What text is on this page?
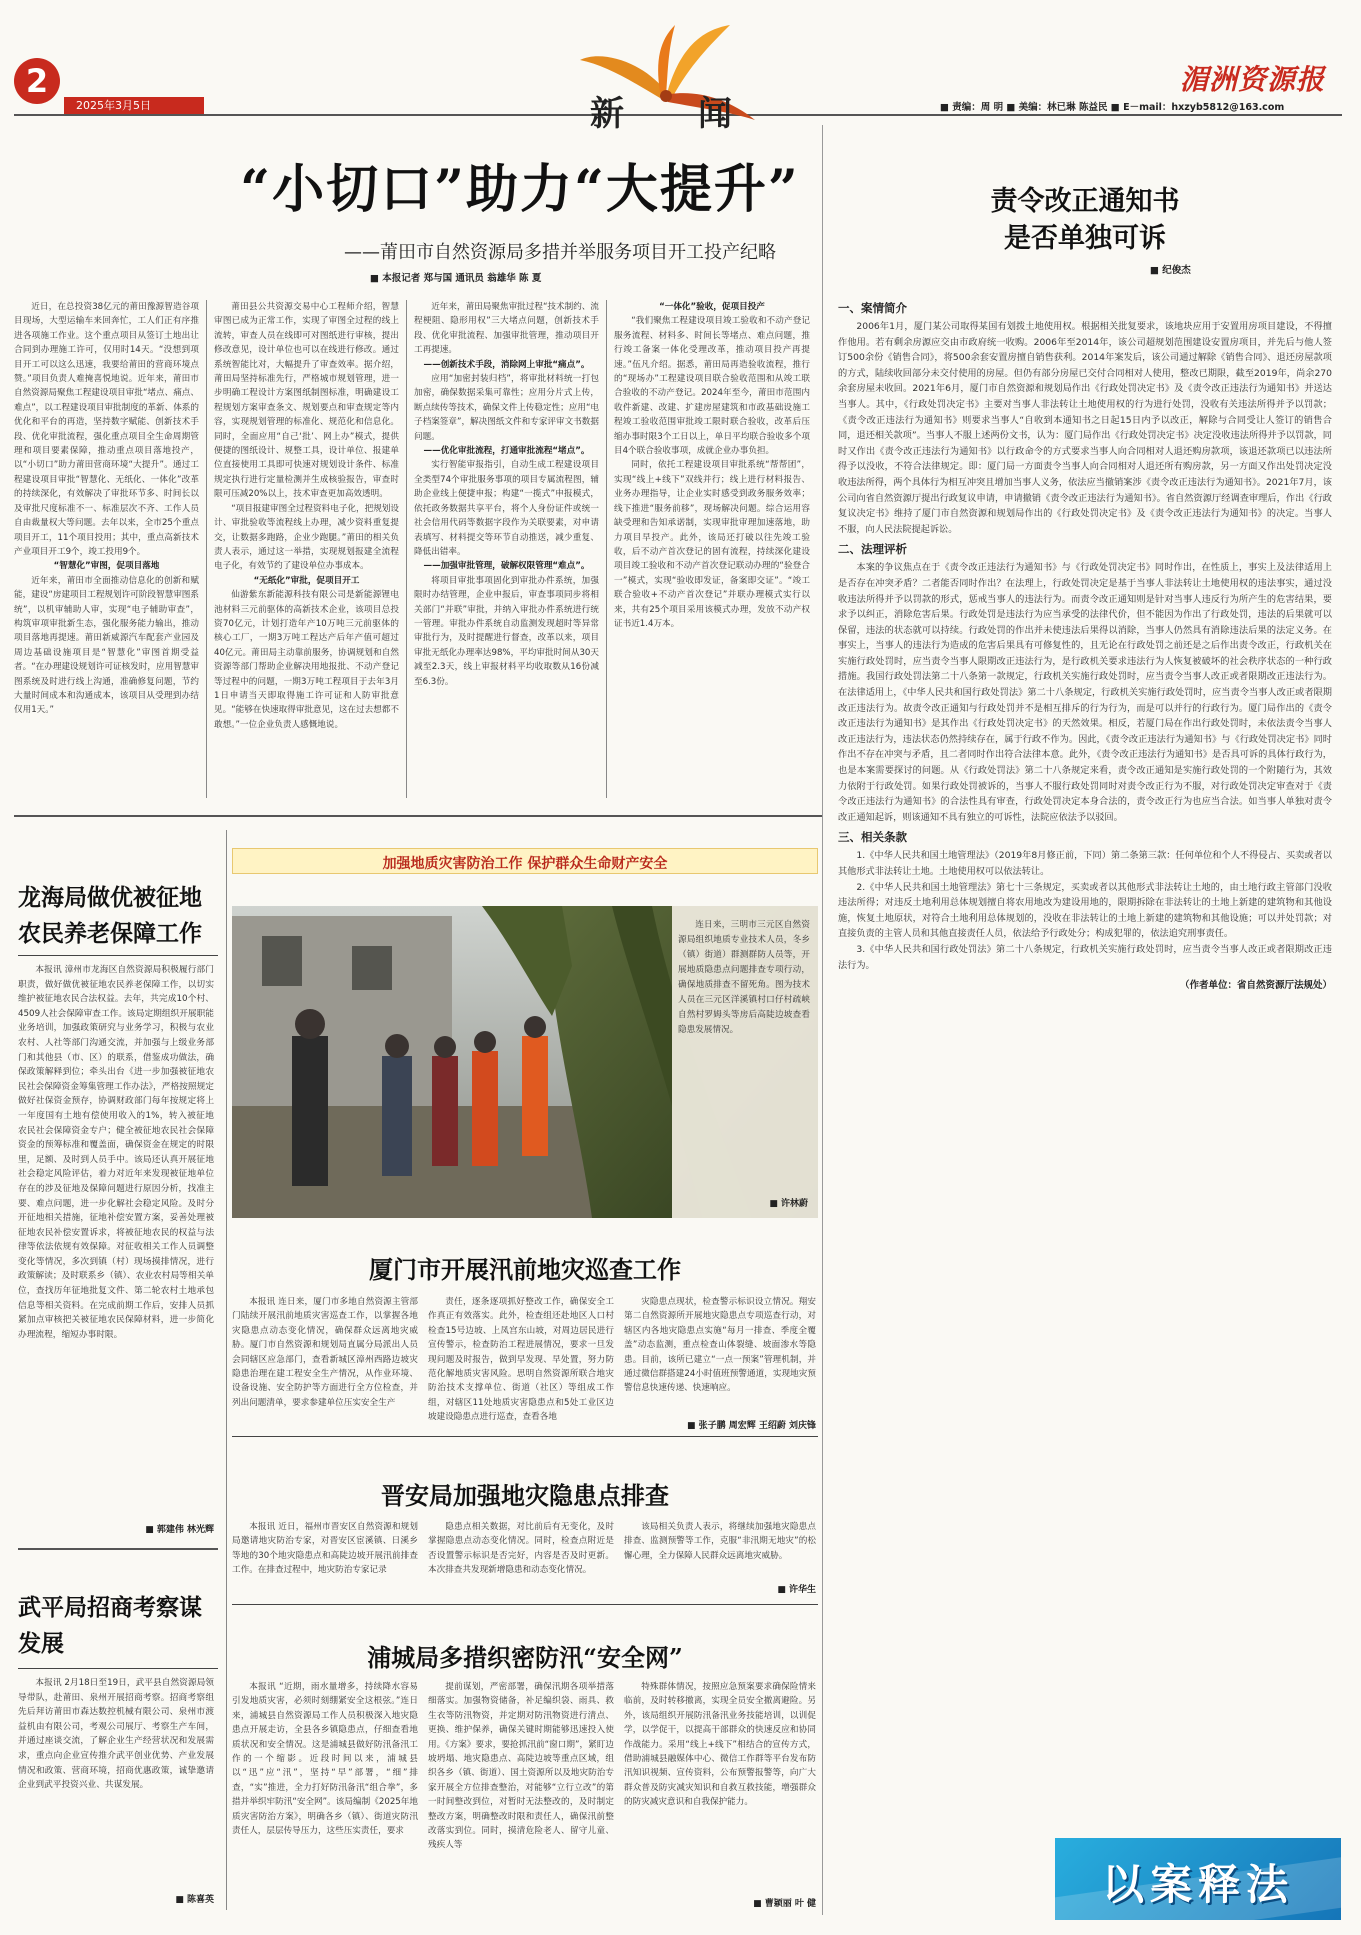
2
2025年3月5日	新 闻
湄洲资源报
■ 责编：周 明 ■ 美编：林已琳 陈益民 ■ E－mail：hxzyb5812@163.com
“小切口”助力“大提升”
——莆田市自然资源局多措并举服务项目开工投产纪略
■ 本报记者 郑与国 通讯员 翁雄华 陈 夏

近日，在总投资38亿元的莆田豫源智造谷项目现场，大型运输车来回奔忙，工人们正有序推进各项施工作业。这个重点项目从签订土地出让合同到办理施工许可，仅用时14天。“没想到项目开工可以这么迅速，我要给莆田的营商环境点赞。”项目负责人难掩喜悦地说。近年来，莆田市自然资源局聚焦工程建设项目审批“堵点、痛点、难点”，以工程建设项目审批制度的革新、体系的优化和平台的再造，坚持数字赋能、创新技术手段、优化审批流程，强化重点项目全生命周期管理和项目要素保障，推动重点项目落地投产，以“小切口”助力莆田营商环境“大提升”。通过工程建设项目审批“智慧化、无纸化、一体化”改革的持续深化，有效解决了审批环节多、时间长以及审批尺度标准不一、标准层次不齐、工作人员自由裁量权大等问题。去年以来，全市25个重点项目开工，11个项目投用；其中，重点高新技术产业项目开工9个，竣工投用9个。

“智慧化”审图，促项目落地

近年来，莆田市全面推动信息化的创新和赋能，建设“房建项目工程规划许可阶段智慧审图系统”，以机审辅助人审，实现“电子辅助审查”，构筑审项审批新生态，强化服务能力输出，推动项目落地再提速。莆田新威源汽车配套产业园及周边基础设施项目是“智慧化”审图首期受益者。“在办理建设规划许可证核发时，应用智慧审图系统及时进行线上沟通，准确修复问题，节约大量时间成本和沟通成本，该项目从受理到办结仅用1天。”

莆田县公共资源交易中心工程师介绍，智慧审图已成为正常工作，实现了审图全过程的线上流转，审查人员在线即可对图纸进行审核，提出修改意见，设计单位也可以在线进行修改。通过系统智能比对，大幅提升了审查效率。据介绍，莆田局坚持标准先行，严格城市规划管理，进一步明确工程设计方案图纸制图标准，明确建设工程规划方案审查条文、规划要点和审查规定等内容，实现规划管理的标准化、规范化和信息化。同时，全面应用“自己‘批’、网上办”模式，提供便捷的图纸设计、规整工具，设计单位、报建单位直接使用工具即可快速对规划设计条件、标准规定执行进行定量检测并生成核验报告，审查时限可压减20%以上，技术审查更加高效透明。

“项目报建审图全过程资料电子化，把规划设计、审批验收等流程线上办理，减少资料重复提交，让数据多跑路，企业少跑腿。”莆田的相关负责人表示，通过这一举措，实现规划报建全流程电子化，有效节约了建设单位办事成本。

“无纸化”审批，促项目开工

仙游紫东新能源科技有限公司是新能源锂电池材料三元前驱体的高新技术企业，该项目总投资70亿元，计划打造年产10万吨三元前驱体的核心工厂，一期3万吨工程达产后年产值可超过40亿元。莆田局主动靠前服务，协调规划和自然资源等部门帮助企业解决用地报批、不动产登记等过程中的问题，一期3万吨工程项目于去年3月1日申请当天即取得施工许可证和人防审批意见。“能够在快速取得审批意见，这在过去想都不敢想。”一位企业负责人感慨地说。

近年来，莆田局聚焦审批过程“技术制约、流程梗阻、隐形用权”三大堵点问题，创新技术手段、优化审批流程、加强审批管理，推动项目开工再提速。

——创新技术手段，消除网上审批“痛点”。

应用“加密封装归档”，将审批材料统一打包加密，确保数据采集可靠性；应用分片式上传，断点续传等技术，确保文件上传稳定性；应用“电子档案签章”，解决图纸文件和专家评审文书数据问题。

——优化审批流程，打通审批流程“堵点”。

实行智能审报指引，自动生成工程建设项目全类型74个审批服务事项的项目专属流程图，辅助企业线上便捷申报；构建“一揽式”申报模式，依托政务数据共享平台，将个人身份证件或统一社会信用代码等数据字段作为关联要素，对申请表填写、材料提交等环节自动推送，减少重复、降低出错率。

——加强审批管理，破解权限管理“难点”。

将项目审批事项固化到审批办件系统，加强限时办结管理，企业申报后，审查事项同步将相关部门“并联”审批，并纳入审批办件系统进行统一管理。审批办件系统自动监测发现超时等异常审批行为，及时提醒进行督查，改革以来，项目审批无纸化办理率达98%，平均审批时间从30天减至2.3天，线上审报材料平均收取数从16份减至6.3份。

“一体化”验收，促项目投产

“我们聚焦工程建设项目竣工验收和不动产登记服务流程、材料多、时间长等堵点、难点问题，推行竣工备案一体化受理改革，推动项目投产再提速。”伍凡介绍。据悉，莆田局再造验收流程，推行的“现场办”工程建设项目联合验收范围和从竣工联合验收的不动产登记。2024年至今，莆田市范围内收件新建、改建、扩建房屋建筑和市政基础设施工程竣工验收范围审批竣工限时联合验收，改革后压缩办事时限3个工日以上，单日平均联合验收多个项目4个联合验收事项，成就企业办事负担。

同时，依托工程建设项目审批系统“帮帮团”，实现“线上+线下”双线并行；线上进行材料报告、业务办理指导，让企业实时感受到政务服务效率；线下推进“服务前移”，现场解决问题。综合运用容缺受理和告知承诺制，实现审批审理加速落地，助力项目早投产。此外，该局还打破以往先竣工验收，后不动产首次登记的固有流程，持续深化建设项目竣工验收和不动产首次登记联动办理的“验登合一”模式，实现“验收即发证，备案即交证”。“竣工联合验收+不动产首次登记”并联办理模式实行以来，共有25个项目采用该模式办理，发放不动产权证书近1.4万本。

责令改正通知书
是否单独可诉
■ 纪俊杰
一、案情简介
2006年1月，厦门某公司取得某国有划拨土地使用权。根据相关批复要求，该地块应用于安置用房项目建设，不得擅作他用。若有剩余房源应交由市政府统一收购。2006年至2014年，该公司超规划范围建设安置房项目，并先后与他人签订500余份《销售合同》，将500余套安置房擅自销售获利。2014年案发后，该公司通过解除《销售合同》、退还房屋款项的方式，陆续收回部分未交付使用的房屋。但仍有部分房屋已交付合同相对人使用，整改已期限，截至2019年，尚余270余套房屋未收回。2021年6月，厦门市自然资源和规划局作出《行政处罚决定书》及《责令改正违法行为通知书》并送达当事人。其中，《行政处罚决定书》主要对当事人非法转让土地使用权的行为进行处罚，没收有关违法所得并予以罚款；《责令改正违法行为通知书》则要求当事人“自收到本通知书之日起15日内予以改正，解除与合同受让人签订的销售合同，退还相关款项”。当事人不服上述两份文书，认为：厦门局作出《行政处罚决定书》决定没收违法所得并予以罚款，同时又作出《责令改正违法行为通知书》以行政命令的方式要求当事人向合同相对人退还购房款项，该退还款项已以违法所得予以没收，不符合法律规定。即：厦门局一方面责令当事人向合同相对人退还所有购房款，另一方面又作出处罚决定没收违法所得，两个具体行为相互冲突且增加当事人义务，依法应当撤销案涉《责令改正违法行为通知书》。2021年7月，该公司向省自然资源厅提出行政复议申请，申请撤销《责令改正违法行为通知书》。省自然资源厅经调查审理后，作出《行政复议决定书》维持了厦门市自然资源和规划局作出的《行政处罚决定书》及《责令改正违法行为通知书》的决定。当事人不服，向人民法院提起诉讼。
二、法理评析
本案的争议焦点在于《责令改正违法行为通知书》与《行政处罚决定书》同时作出，在性质上，事实上及法律适用上是否存在冲突矛盾？二者能否同时作出？在法理上，行政处罚决定是基于当事人非法转让土地使用权的违法事实，通过没收违法所得并予以罚款的形式，惩戒当事人的违法行为。而责令改正通知则是针对当事人违反行为所产生的危害结果，要求予以纠正，消除危害后果。行政处罚是违法行为应当承受的法律代价，但不能因为作出了行政处罚，违法的后果就可以保留，违法的状态就可以持续。行政处罚的作出并未使违法后果得以消除，当事人仍然具有消除违法后果的法定义务。在事实上，当事人的违法行为造成的危害后果具有可修复性的，且无论在行政处罚之前还是之后作出责令改正，行政机关在实施行政处罚时，应当责令当事人限期改正违法行为，是行政机关要求违法行为人恢复被破坏的社会秩序状态的一种行政措施。我国行政处罚法第二十八条第一款规定，行政机关实施行政处罚时，应当责令当事人改正或者限期改正违法行为。在法律适用上，《中华人民共和国行政处罚法》第二十八条规定，行政机关实施行政处罚时，应当责令当事人改正或者限期改正违法行为。故责令改正通知与行政处罚并不是相互排斥的行为行为，而是可以并行的行政行为。厦门局作出的《责令改正违法行为通知书》是其作出《行政处罚决定书》的天然效果。相反，若厦门局在作出行政处罚时，未依法责令当事人改正违法行为，违法状态仍然持续存在，属于行政不作为。因此，《责令改正违法行为通知书》与《行政处罚决定书》同时作出不存在冲突与矛盾，且二者同时作出符合法律本意。此外，《责令改正违法行为通知书》是否具可诉的具体行政行为，也是本案需要探讨的问题。从《行政处罚法》第二十八条规定来看，责令改正通知是实施行政处罚的一个附随行为，其效力依附于行政处罚。如果行政处罚被诉的，当事人不服行政处罚同时对责令改正行为不服，对行政处罚决定审查对于《责令改正违法行为通知书》的合法性具有审查，行政处罚决定本身合法的，责令改正行为也应当合法。如当事人单独对责令改正通知起诉，则该通知不具有独立的可诉性，法院应依法予以驳回。
三、相关条款
1.《中华人民共和国土地管理法》（2019年8月修正前，下同）第二条第三款：任何单位和个人不得侵占、买卖或者以其他形式非法转让土地。土地使用权可以依法转让。
2.《中华人民共和国土地管理法》第七十三条规定，买卖或者以其他形式非法转让土地的，由土地行政主管部门没收违法所得；对违反土地利用总体规划擅自将农用地改为建设用地的，限期拆除在非法转让的土地上新建的建筑物和其他设施，恢复土地原状，对符合土地利用总体规划的，没收在非法转让的土地上新建的建筑物和其他设施；可以并处罚款；对直接负责的主管人员和其他直接责任人员，依法给予行政处分；构成犯罪的，依法追究刑事责任。
3.《中华人民共和国行政处罚法》第二十八条规定，行政机关实施行政处罚时，应当责令当事人改正或者限期改正违法行为。
（作者单位：省自然资源厅法规处）
以案释法
龙海局做优被征地农民养老保障工作
本报讯 漳州市龙海区自然资源局积极履行部门职责，做好做优被征地农民养老保障工作，以切实维护被征地农民合法权益。去年，共完成10个村、4509人社会保障审查工作。该局定期组织开展职能业务培训，加强政策研究与业务学习，积极与农业农村、人社等部门沟通交流，并加强与上级业务部门和其他县（市、区）的联系，借鉴成功做法，确保政策解释到位；牵头出台《进一步加强被征地农民社会保障资金筹集管理工作办法》，严格按照规定做好社保资金预存，协调财政部门每年按规定将上一年度国有土地有偿使用收入的1%，转入被征地农民社会保障资金专户；健全被征地农民社会保障资金的预筹标准和覆盖面，确保资金在规定的时限里，足额、及时到人员手中。该局还认真开展征地社会稳定风险评估，着力对近年来发现被征地单位存在的涉及征地及保障问题进行原因分析，找准主要、难点问题，进一步化解社会稳定风险。及时分开征地相关措施，征地补偿安置方案，妥善处理被征地农民补偿安置诉求，将被征地农民的权益与法律等依法依规有效保障。对征收相关工作人员调整变化等情况，多次到镇（村）现场摸排情况，进行政策解读；及时联系乡（镇）、农业农村局等相关单位，查找历年征地批复文件、第二轮农村土地承包信息等相关资料。在完成前期工作后，安排人员抓紧加点审核把关被征地农民保障材料，进一步简化办理流程，缩短办事时限。
■ 郭建伟 林光辉
武平局招商考察谋发展
本报讯 2月18日至19日，武平县自然资源局领导带队，赴莆田、泉州开展招商考察。招商考察组先后拜访莆田市森达数控机械有限公司、泉州市渡益机由有限公司，考观公司展厅、考察生产车间，并通过座谈交流，了解企业生产经营状况和发展需求，重点向企业宣传推介武平创业优势、产业发展情况和政策、营商环境，招商优惠政策，诚挚邀请企业到武平投资兴业、共谋发展。
■ 陈喜英
加强地质灾害防治工作 保护群众生命财产安全
连日来，三明市三元区自然资源局组织地质专业技术人员，冬乡（镇）街道）群测群防人员等，开展地质隐患点问题排查专项行动，确保地质排查不留死角。图为技术人员在三元区洋溪镇村口仔村疏峡自然村罗姆头等房后高陡边坡查看隐患发展情况。
■ 许林蔚
厦门市开展汛前地灾巡查工作
本报讯 连日来，厦门市多地自然资源主管部门陆续开展汛前地质灾害巡查工作，以掌握各地灾隐患点动态变化情况，确保群众远离地灾威胁。厦门市自然资源和规划局直属分局派出人员会同辖区应急部门，查看新城区漳州西路边坡灾隐患治理在建工程安全生产情况，从作业环境、设备设施、安全防护等方面进行全方位检查，并列出问题清单，要求参建单位压实安全生产
责任，逐条逐项抓好整改工作，确保安全工作真正有效落实。此外，检查组还赴地区人口村检查15号边坡、上凤宫东山坡，对周边居民进行宣传警示，检查防治工程进展情况，要求一旦发现问题及时报告，做到早发现、早处置，努力防范化解地质灾害风险。思明自然资源所联合地灾防治技术支撑单位、街道（社区）等组成工作组，对辖区11处地质灾害隐患点和5处工业区边坡建设隐患点进行巡查，查看各地
灾隐患点现状，检查警示标识设立情况。翔安第二自然资源所开展地灾隐患点专项巡查行动，对辖区内各地灾隐患点实施“每月一排查、季度全覆盖”动态监测，重点检查山体裂缝、坡面渗水等隐患。目前，该所已建立“一点一预案”管理机制，并通过微信群搭建24小时值班预警通道，实现地灾预警信息快速传递、快速响应。
■ 张子鹏 周宏辉 王绍蔚 刘庆锋
晋安局加强地灾隐患点排查
本报讯 近日，福州市晋安区自然资源和规划局邀请地灾防治专家，对晋安区宦溪镇、日溪乡等地的30个地灾隐患点和高陡边坡开展汛前排查工作。在排查过程中，地灾防治专家记录
隐患点相关数据，对比前后有无变化，及时掌握隐患点动态变化情况。同时，检查点附近是否设置警示标识是否完好，内容是否及时更新。本次排查共发现新增隐患和动态变化情况。
该局相关负责人表示，将继续加强地灾隐患点排查、监测预警等工作，克服“非汛期无地灾”的松懈心理，全力保障人民群众远离地灾威胁。
■ 许华生
浦城局多措织密防汛“安全网”
本报讯 “近期，雨水量增多，持续降水容易引发地质灾害，必须时刻绷紧安全这根弦。”连日来，浦城县自然资源局工作人员积极深入地灾隐患点开展走访，全县各乡镇隐患点，仔细查看地质状况和安全情况。这是浦城县做好防汛备汛工作的一个缩影。近段时间以来，浦城县以“迅”应“汛”，坚持“早”部署，“细”排查，“实”推进，全力打好防汛备汛“组合拳”，多措并举织牢防汛“安全网”。该局编制《2025年地质灾害防治方案》，明确各乡（镇）、街道灾防汛责任人，层层传导压力，这些压实责任，要求
提前谋划，严密部署，确保汛期各项举措落细落实。加强物资储备，补足编织袋、雨具、救生衣等防汛物资，并定期对防汛物资进行清点、更换、维护保养，确保关键时期能够迅速投入使用。《方案》要求，要抢抓汛前“窗口期”，紧盯边坡坍塌、地灾隐患点、高陡边坡等重点区域，组织各乡（镇、街道）、国土资源所以及地灾防治专家开展全方位排查整治，对能够“立行立改”的第一时间整改到位，对暂时无法整改的，及时制定整改方案，明确整改时限和责任人，确保汛前整改落实到位。同时，摸清危险老人、留守儿童、残疾人等
特殊群体情况，按照应急预案要求确保险情来临前，及时转移撤离，实现全员安全撤离避险。另外，该局组织开展防汛备汛业务技能培训，以训促学，以学促干，以提高干部群众的快速反应和协同作战能力。采用“线上+线下”相结合的宣传方式，借助浦城县融媒体中心、微信工作群等平台发布防汛知识视频、宣传资料，公布预警报警等，向广大群众普及防灾减灾知识和自救互救技能，增强群众的防灾减灾意识和自我保护能力。
■ 曹颖丽 叶 健
